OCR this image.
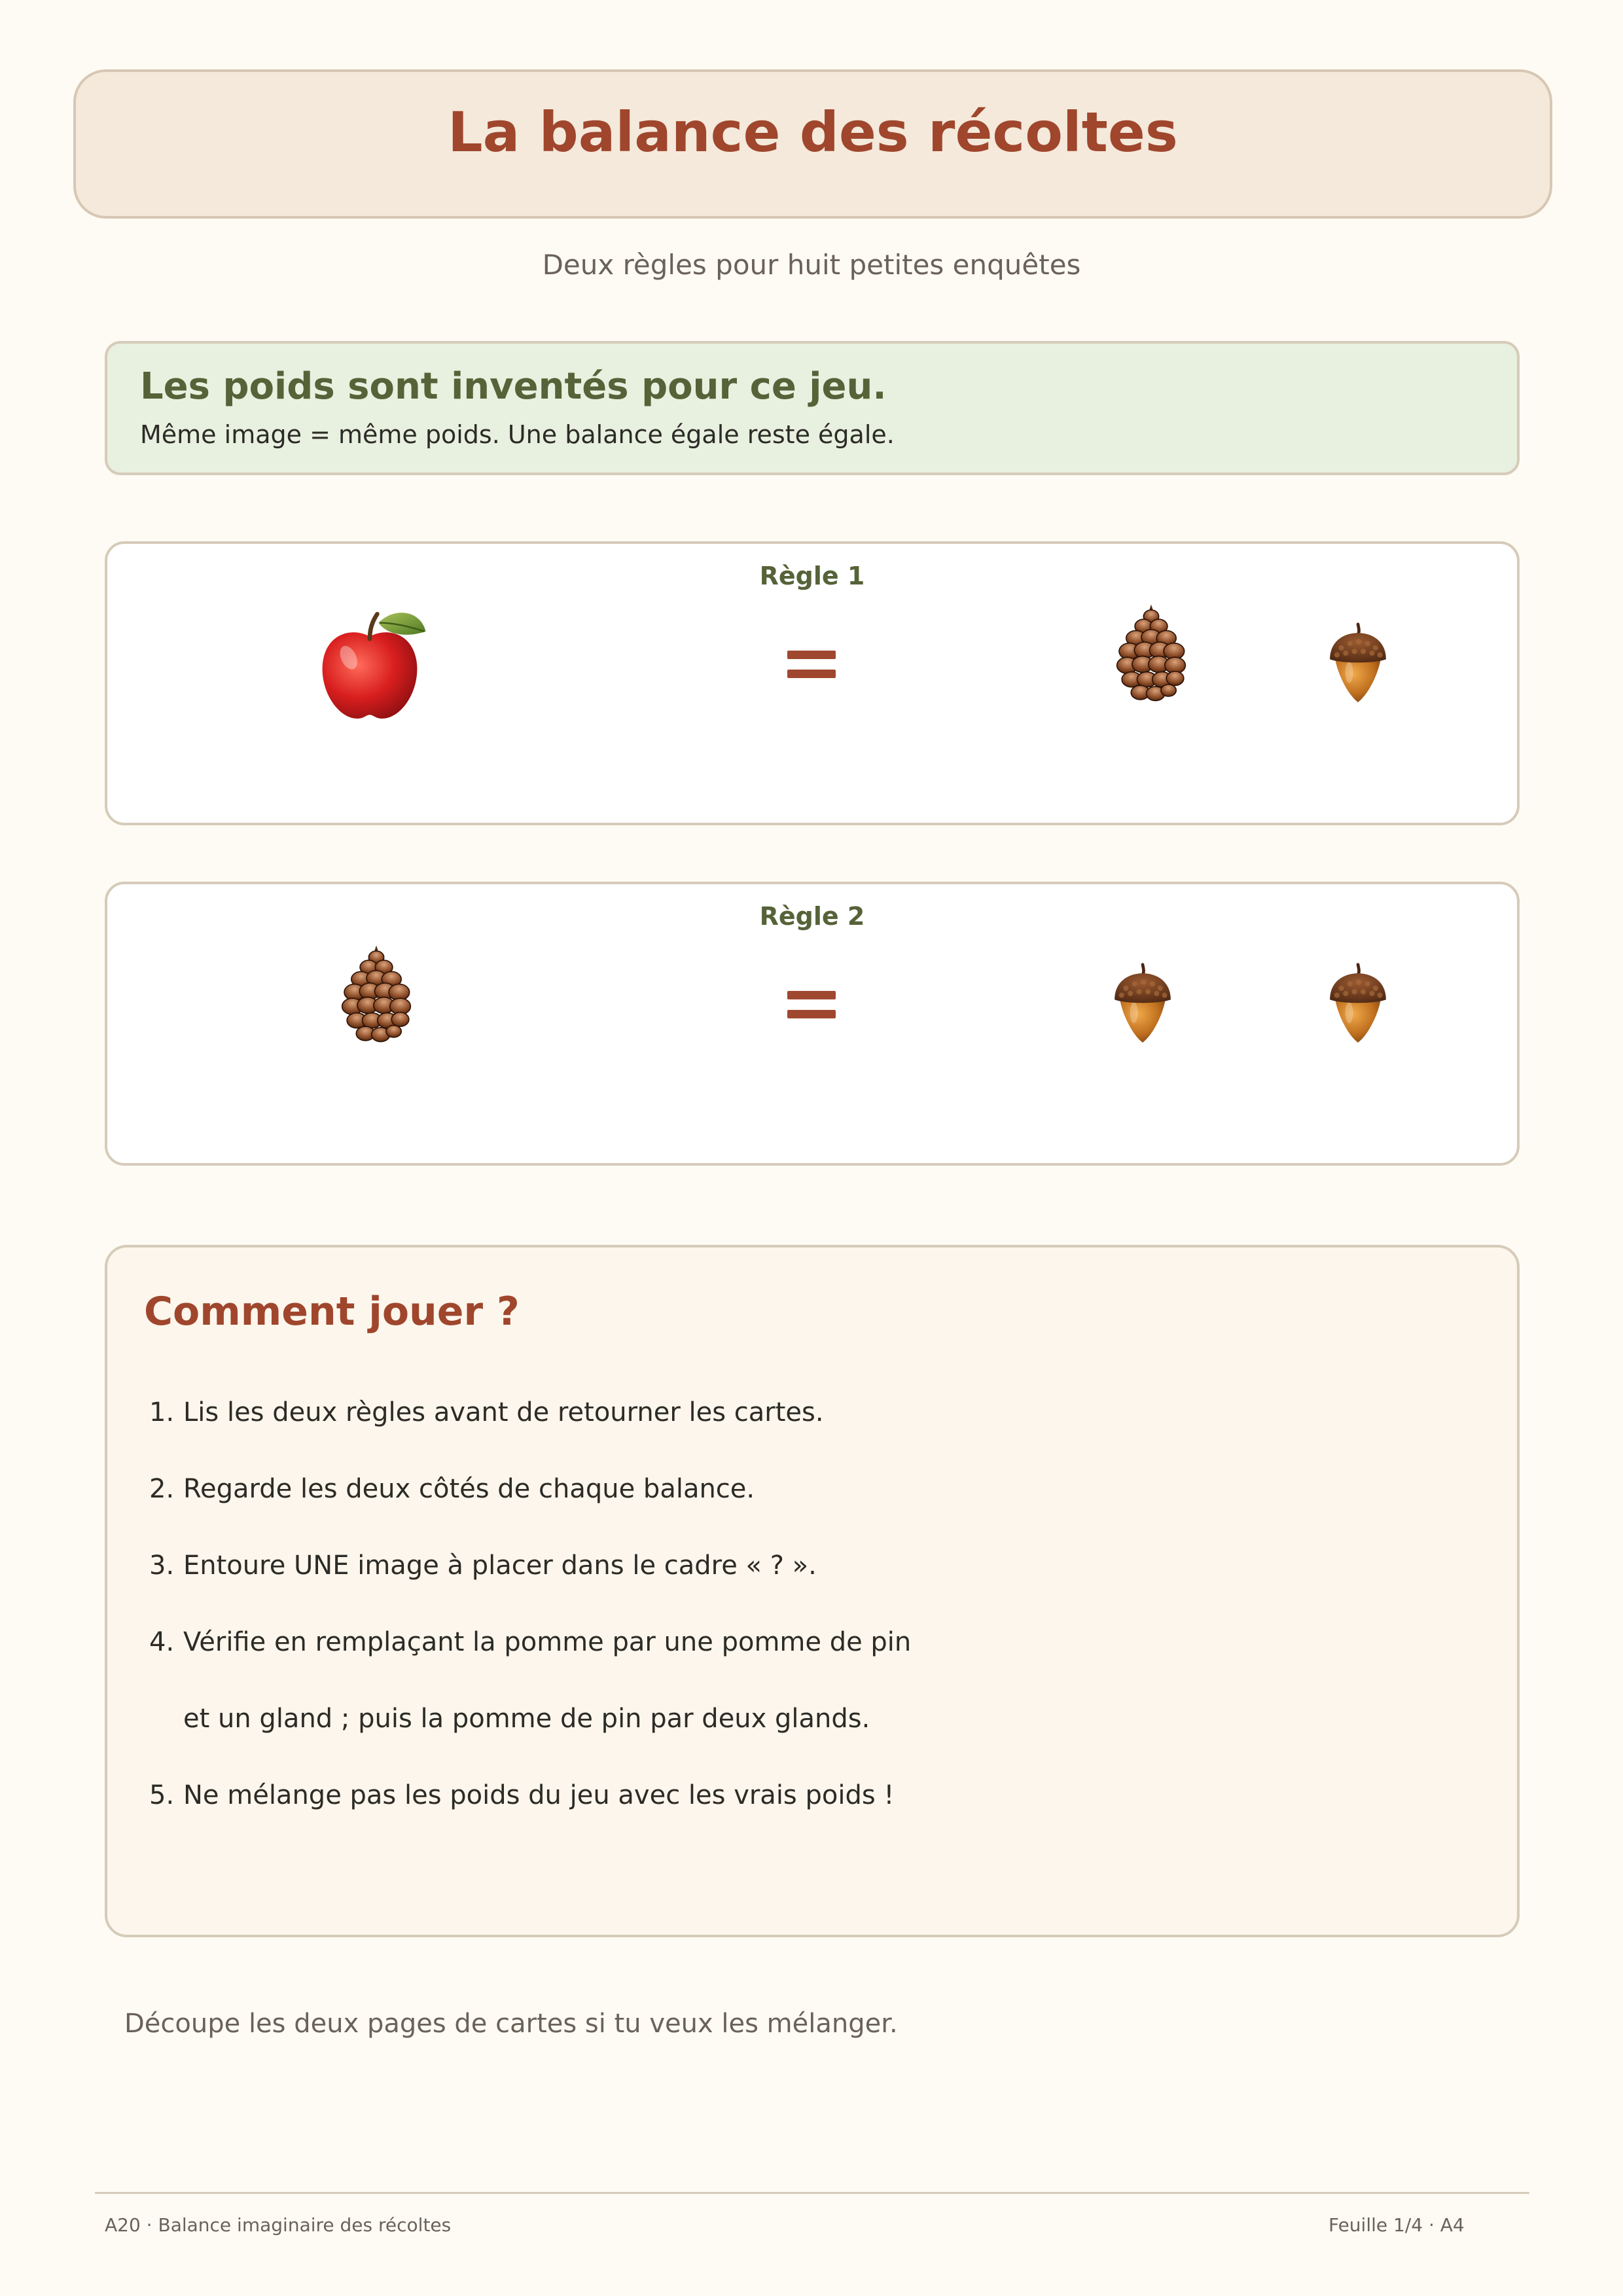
La balance des récoltes
Deux règles pour huit petites enquêtes
Les poids sont inventés pour ce jeu.
Même image = même poids. Une balance égale reste égale.
Règle 1
Règle 2
Comment jouer ?
1. Lis les deux règles avant de retourner les cartes.
2. Regarde les deux côtés de chaque balance.
3. Entoure UNE image à placer dans le cadre « ? ».
4. Vérifie en remplaçant la pomme par une pomme de pin
et un gland ; puis la pomme de pin par deux glands.
5. Ne mélange pas les poids du jeu avec les vrais poids !
Découpe les deux pages de cartes si tu veux les mélanger.
A20 · Balance imaginaire des récoltes	Feuille 1/4 · A4
